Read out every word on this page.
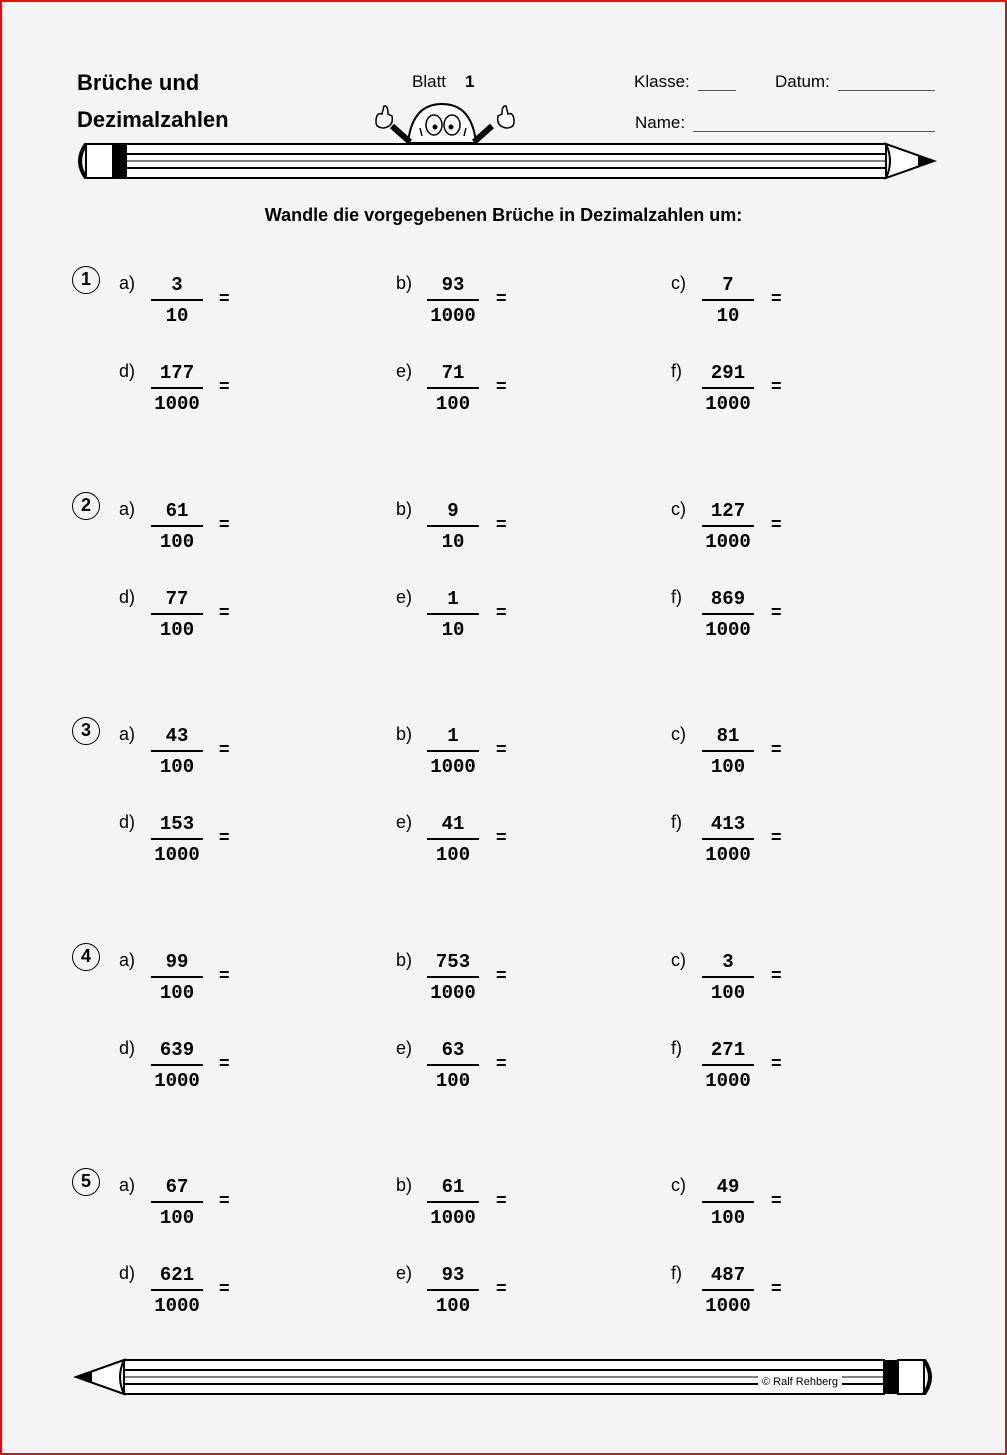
Brüche und
Dezimalzahlen
Blatt 1	Klasse:	Datum:
Name:
Wandle die vorgegebenen Brüche in Dezimalzahlen um:
1	a)	3
10
=
b)	93
1000
=
c)	7
10
=
d)	177
1000
=
e)	71
100
=
f)	291
1000
=
2	a)	61
100
=
b)	9
10
=
c)	127
1000
=
d)	77
100
=
e)	1
10
=
f)	869
1000
=
3	a)	43
100
=
b)	1
1000
=
c)	81
100
=
d)	153
1000
=
e)	41
100
=
f)	413
1000
=
4	a)	99
100
=
b)	753
1000
=
c)	3
100
=
d)	639
1000
=
e)	63
100
=
f)	271
1000
=
5	a)	67
100
=
b)	61
1000
=
c)	49
100
=
d)	621
1000
=
e)	93
100
=
f)	487
1000
=
© Ralf Rehberg
